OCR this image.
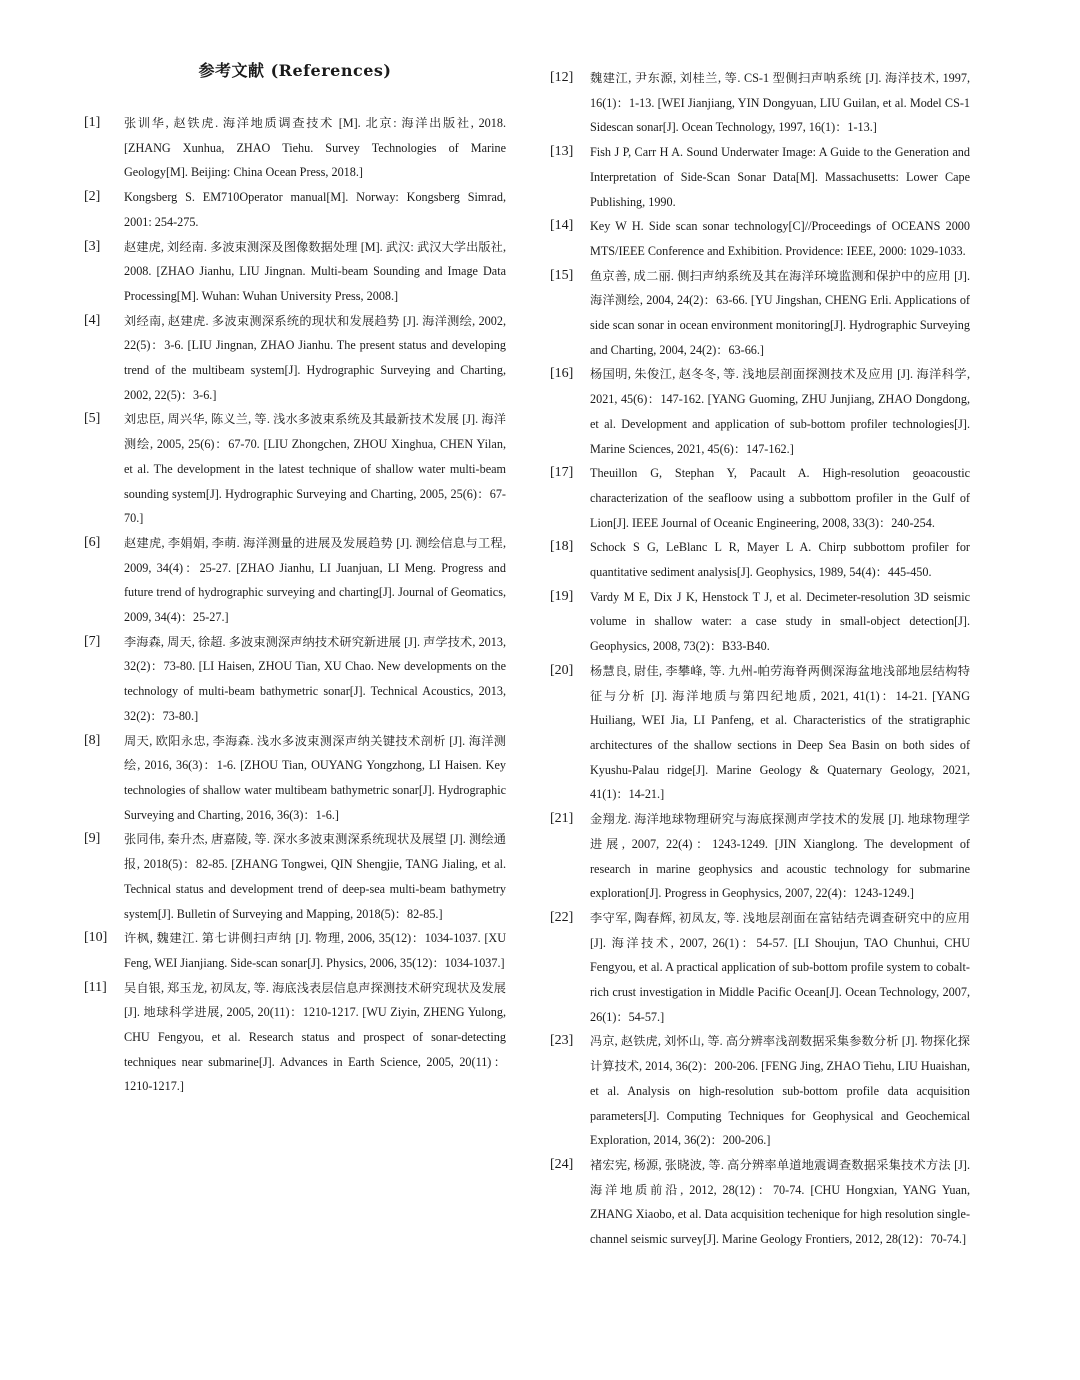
参考文献 (References)
[1]	张训华, 赵铁虎. 海洋地质调查技术 [M]. 北京: 海洋出版社, 2018. [ZHANG Xunhua, ZHAO Tiehu. Survey Technologies of Marine Geology[M]. Beijing: China Ocean Press, 2018.]
[2]	Kongsberg S. EM710Operator manual[M]. Norway: Kongsberg Simrad, 2001: 254-275.
[3]	赵建虎, 刘经南. 多波束测深及图像数据处理 [M]. 武汉: 武汉大学出版社, 2008. [ZHAO Jianhu, LIU Jingnan. Multi-beam Sounding and Image Data Processing[M]. Wuhan: Wuhan University Press, 2008.]
[4]	刘经南, 赵建虎. 多波束测深系统的现状和发展趋势 [J]. 海洋测绘, 2002, 22(5)：3-6. [LIU Jingnan, ZHAO Jianhu. The present status and developing trend of the multibeam system[J]. Hydrographic Surveying and Charting, 2002, 22(5)：3-6.]
[5]	刘忠臣, 周兴华, 陈义兰, 等. 浅水多波束系统及其最新技术发展 [J]. 海洋测绘, 2005, 25(6)：67-70. [LIU Zhongchen, ZHOU Xinghua, CHEN Yilan, et al. The development in the latest technique of shallow water multi-beam sounding system[J]. Hydrographic Surveying and Charting, 2005, 25(6)：67-70.]
[6]	赵建虎, 李娟娟, 李萌. 海洋测量的进展及发展趋势 [J]. 测绘信息与工程, 2009, 34(4)：25-27. [ZHAO Jianhu, LI Juanjuan, LI Meng. Progress and future trend of hydrographic surveying and charting[J]. Journal of Geomatics, 2009, 34(4)：25-27.]
[7]	李海森, 周天, 徐超. 多波束测深声纳技术研究新进展 [J]. 声学技术, 2013, 32(2)：73-80. [LI Haisen, ZHOU Tian, XU Chao. New developments on the technology of multi-beam bathymetric sonar[J]. Technical Acoustics, 2013, 32(2)：73-80.]
[8]	周天, 欧阳永忠, 李海森. 浅水多波束测深声纳关键技术剖析 [J]. 海洋测绘, 2016, 36(3)：1-6. [ZHOU Tian, OUYANG Yongzhong, LI Haisen. Key technologies of shallow water multibeam bathymetric sonar[J]. Hydrographic Surveying and Charting, 2016, 36(3)：1-6.]
[9]	张同伟, 秦升杰, 唐嘉陵, 等. 深水多波束测深系统现状及展望 [J]. 测绘通报, 2018(5)：82-85. [ZHANG Tongwei, QIN Shengjie, TANG Jialing, et al. Technical status and development trend of deep-sea multi-beam bathymetry system[J]. Bulletin of Surveying and Mapping, 2018(5)：82-85.]
[10]	许枫, 魏建江. 第七讲侧扫声纳 [J]. 物理, 2006, 35(12)：1034-1037. [XU Feng, WEI Jianjiang. Side-scan sonar[J]. Physics, 2006, 35(12)：1034-1037.]
[11]	吴自银, 郑玉龙, 初凤友, 等. 海底浅表层信息声探测技术研究现状及发展 [J]. 地球科学进展, 2005, 20(11)：1210-1217. [WU Ziyin, ZHENG Yulong, CHU Fengyou, et al. Research status and prospect of sonar-detecting techniques near submarine[J]. Advances in Earth Science, 2005, 20(11)：1210-1217.]
[12]	魏建江, 尹东源, 刘桂兰, 等. CS-1 型侧扫声呐系统 [J]. 海洋技术, 1997, 16(1)：1-13. [WEI Jianjiang, YIN Dongyuan, LIU Guilan, et al. Model CS-1 Sidescan sonar[J]. Ocean Technology, 1997, 16(1)：1-13.]
[13]	Fish J P, Carr H A. Sound Underwater Image: A Guide to the Generation and Interpretation of Side-Scan Sonar Data[M]. Massachusetts: Lower Cape Publishing, 1990.
[14]	Key W H. Side scan sonar technology[C]//Proceedings of OCEANS 2000 MTS/IEEE Conference and Exhibition. Providence: IEEE, 2000: 1029-1033.
[15]	鱼京善, 成二丽. 侧扫声纳系统及其在海洋环境监测和保护中的应用 [J]. 海洋测绘, 2004, 24(2)：63-66. [YU Jingshan, CHENG Erli. Applications of side scan sonar in ocean environment monitoring[J]. Hydrographic Surveying and Charting, 2004, 24(2)：63-66.]
[16]	杨国明, 朱俊江, 赵冬冬, 等. 浅地层剖面探测技术及应用 [J]. 海洋科学, 2021, 45(6)：147-162. [YANG Guoming, ZHU Junjiang, ZHAO Dongdong, et al. Development and application of sub-bottom profiler technologies[J]. Marine Sciences, 2021, 45(6)：147-162.]
[17]	Theuillon G, Stephan Y, Pacault A. High-resolution geoacoustic characterization of the seafloow using a subbottom profiler in the Gulf of Lion[J]. IEEE Journal of Oceanic Engineering, 2008, 33(3)：240-254.
[18]	Schock S G, LeBlanc L R, Mayer L A. Chirp subbottom profiler for quantitative sediment analysis[J]. Geophysics, 1989, 54(4)：445-450.
[19]	Vardy M E, Dix J K, Henstock T J, et al. Decimeter-resolution 3D seismic volume in shallow water: a case study in small-object detection[J]. Geophysics, 2008, 73(2)：B33-B40.
[20]	杨慧良, 尉佳, 李攀峰, 等. 九州-帕劳海脊两侧深海盆地浅部地层结构特征与分析 [J]. 海洋地质与第四纪地质, 2021, 41(1)：14-21. [YANG Huiliang, WEI Jia, LI Panfeng, et al. Characteristics of the stratigraphic architectures of the shallow sections in Deep Sea Basin on both sides of Kyushu-Palau ridge[J]. Marine Geology & Quaternary Geology, 2021, 41(1)：14-21.]
[21]	金翔龙. 海洋地球物理研究与海底探测声学技术的发展 [J]. 地球物理学进展, 2007, 22(4)：1243-1249. [JIN Xianglong. The development of research in marine geophysics and acoustic technology for submarine exploration[J]. Progress in Geophysics, 2007, 22(4)：1243-1249.]
[22]	李守军, 陶春辉, 初凤友, 等. 浅地层剖面在富钴结壳调查研究中的应用 [J]. 海洋技术, 2007, 26(1)：54-57. [LI Shoujun, TAO Chunhui, CHU Fengyou, et al. A practical application of sub-bottom profile system to cobalt-rich crust investigation in Middle Pacific Ocean[J]. Ocean Technology, 2007, 26(1)：54-57.]
[23]	冯京, 赵铁虎, 刘怀山, 等. 高分辨率浅剖数据采集参数分析 [J]. 物探化探计算技术, 2014, 36(2)：200-206. [FENG Jing, ZHAO Tiehu, LIU Huaishan, et al. Analysis on high-resolution sub-bottom profile data acquisition parameters[J]. Computing Techniques for Geophysical and Geochemical Exploration, 2014, 36(2)：200-206.]
[24]	褚宏宪, 杨源, 张晓波, 等. 高分辨率单道地震调查数据采集技术方法 [J]. 海洋地质前沿, 2012, 28(12)：70-74. [CHU Hongxian, YANG Yuan, ZHANG Xiaobo, et al. Data acquisition techenique for high resolution single-channel seismic survey[J]. Marine Geology Frontiers, 2012, 28(12)：70-74.]
